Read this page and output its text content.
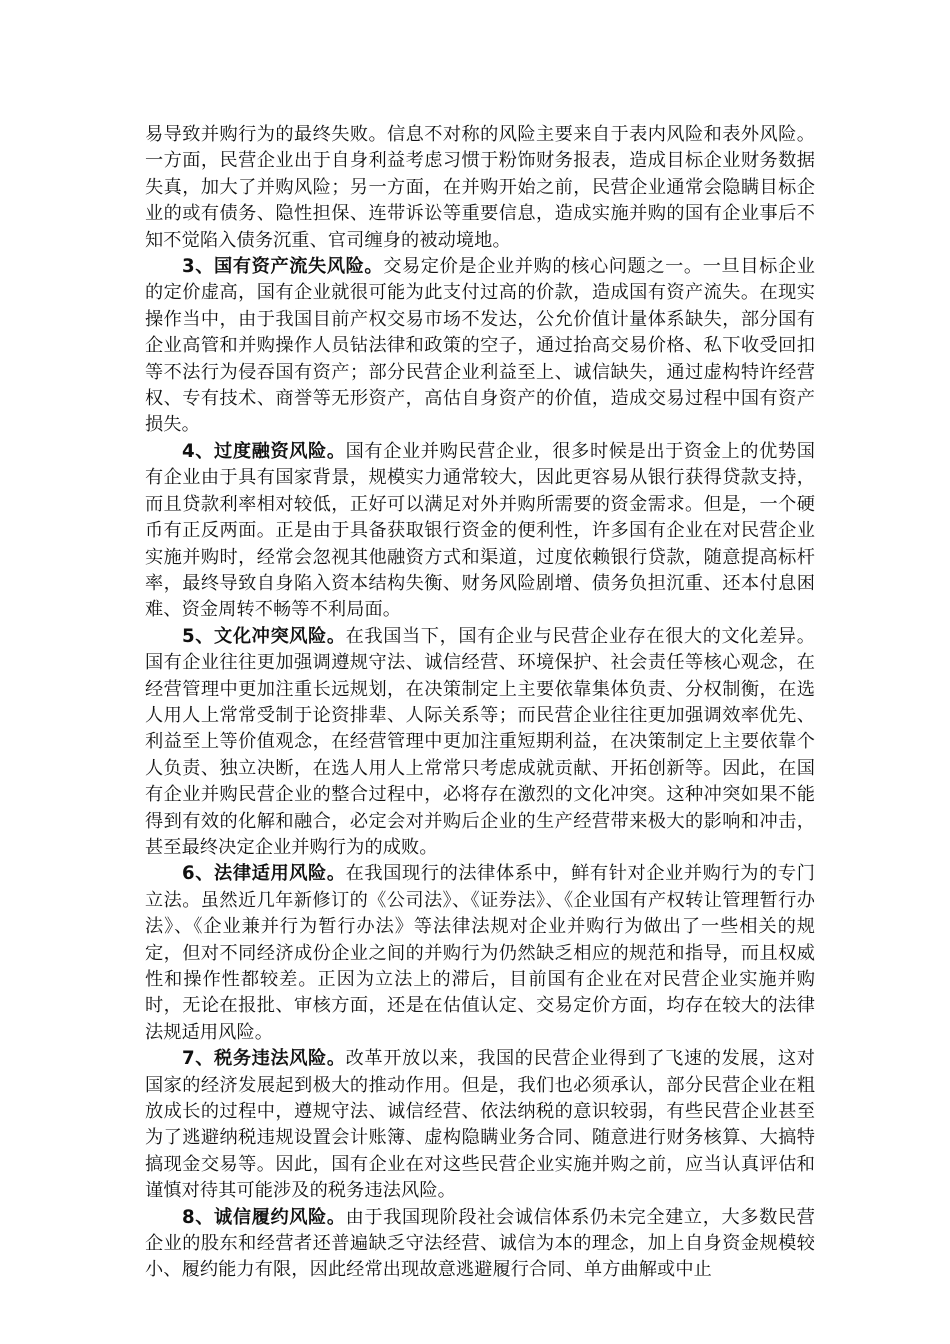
易导致并购行为的最终失败。信息不对称的风险主要来自于表内风险和表外风险。一方面，民营企业出于自身利益考虑习惯于粉饰财务报表，造成目标企业财务数据失真，加大了并购风险；另一方面，在并购开始之前，民营企业通常会隐瞒目标企业的或有债务、隐性担保、连带诉讼等重要信息，造成实施并购的国有企业事后不知不觉陷入债务沉重、官司缠身的被动境地。

3、国有资产流失风险。交易定价是企业并购的核心问题之一。一旦目标企业的定价虚高，国有企业就很可能为此支付过高的价款，造成国有资产流失。在现实操作当中，由于我国目前产权交易市场不发达，公允价值计量体系缺失，部分国有企业高管和并购操作人员钻法律和政策的空子，通过抬高交易价格、私下收受回扣等不法行为侵吞国有资产；部分民营企业利益至上、诚信缺失，通过虚构特许经营权、专有技术、商誉等无形资产，高估自身资产的价值，造成交易过程中国有资产损失。

4、过度融资风险。国有企业并购民营企业，很多时候是出于资金上的优势国有企业由于具有国家背景，规模实力通常较大，因此更容易从银行获得贷款支持，而且贷款利率相对较低，正好可以满足对外并购所需要的资金需求。但是，一个硬币有正反两面。正是由于具备获取银行资金的便利性，许多国有企业在对民营企业实施并购时，经常会忽视其他融资方式和渠道，过度依赖银行贷款，随意提高标杆率，最终导致自身陷入资本结构失衡、财务风险剧增、债务负担沉重、还本付息困难、资金周转不畅等不利局面。

5、文化冲突风险。在我国当下，国有企业与民营企业存在很大的文化差异。国有企业往往更加强调遵规守法、诚信经营、环境保护、社会责任等核心观念，在经营管理中更加注重长远规划，在决策制定上主要依靠集体负责、分权制衡，在选人用人上常常受制于论资排辈、人际关系等；而民营企业往往更加强调效率优先、利益至上等价值观念，在经营管理中更加注重短期利益，在决策制定上主要依靠个人负责、独立决断，在选人用人上常常只考虑成就贡献、开拓创新等。因此，在国有企业并购民营企业的整合过程中，必将存在激烈的文化冲突。这种冲突如果不能得到有效的化解和融合，必定会对并购后企业的生产经营带来极大的影响和冲击，甚至最终决定企业并购行为的成败。

6、法律适用风险。在我国现行的法律体系中，鲜有针对企业并购行为的专门立法。虽然近几年新修订的《公司法》、《证券法》、《企业国有产权转让管理暂行办法》、《企业兼并行为暂行办法》等法律法规对企业并购行为做出了一些相关的规定，但对不同经济成份企业之间的并购行为仍然缺乏相应的规范和指导，而且权威性和操作性都较差。正因为立法上的滞后，目前国有企业在对民营企业实施并购时，无论在报批、审核方面，还是在估值认定、交易定价方面，均存在较大的法律法规适用风险。

7、税务违法风险。改革开放以来，我国的民营企业得到了飞速的发展，这对国家的经济发展起到极大的推动作用。但是，我们也必须承认，部分民营企业在粗放成长的过程中，遵规守法、诚信经营、依法纳税的意识较弱，有些民营企业甚至为了逃避纳税违规设置会计账簿、虚构隐瞒业务合同、随意进行财务核算、大搞特搞现金交易等。因此，国有企业在对这些民营企业实施并购之前，应当认真评估和谨慎对待其可能涉及的税务违法风险。

8、诚信履约风险。由于我国现阶段社会诚信体系仍未完全建立，大多数民营企业的股东和经营者还普遍缺乏守法经营、诚信为本的理念，加上自身资金规模较小、履约能力有限，因此经常出现故意逃避履行合同、单方曲解或中止
